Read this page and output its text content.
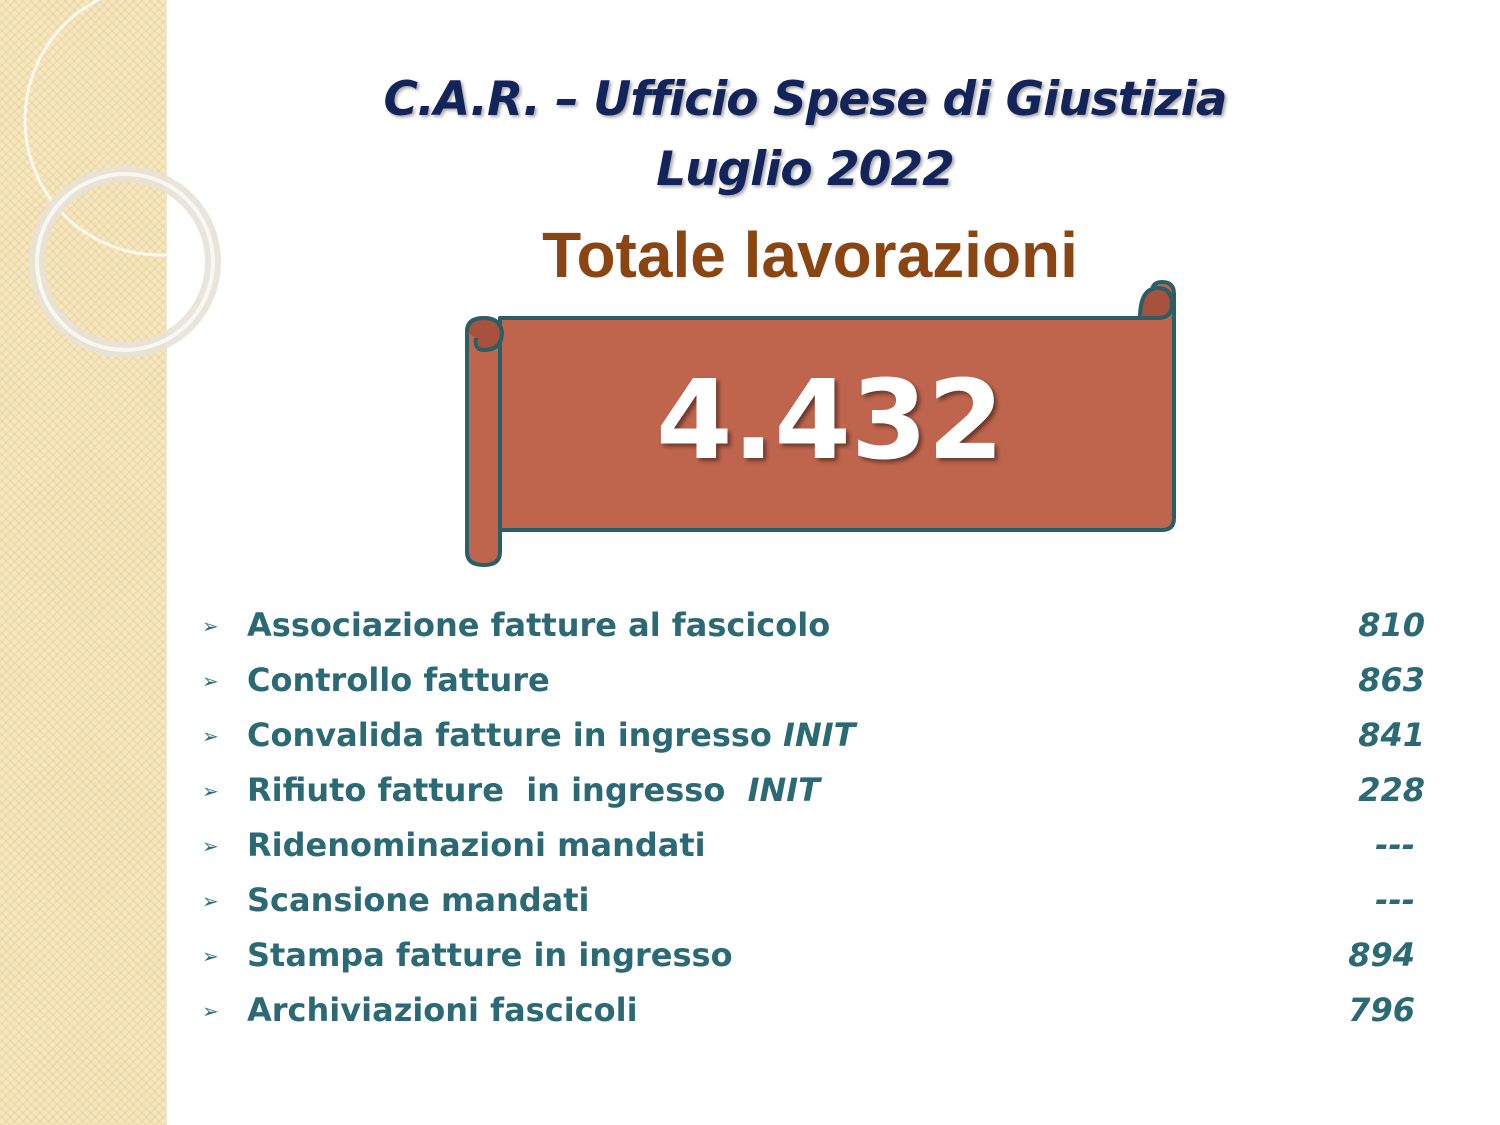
C.A.R. – Ufficio Spese di Giustizia
Luglio 2022
Totale lavorazioni
4.432
➢ Associazione fatture al fascicolo	810
➢ Controllo fatture	863
➢ Convalida fatture in ingresso INIT	841
➢ Rifiuto fatture  in ingresso  INIT	228
➢ Ridenominazioni mandati	---
➢ Scansione mandati	---
➢ Stampa fatture in ingresso	894
➢ Archiviazioni fascicoli	796
